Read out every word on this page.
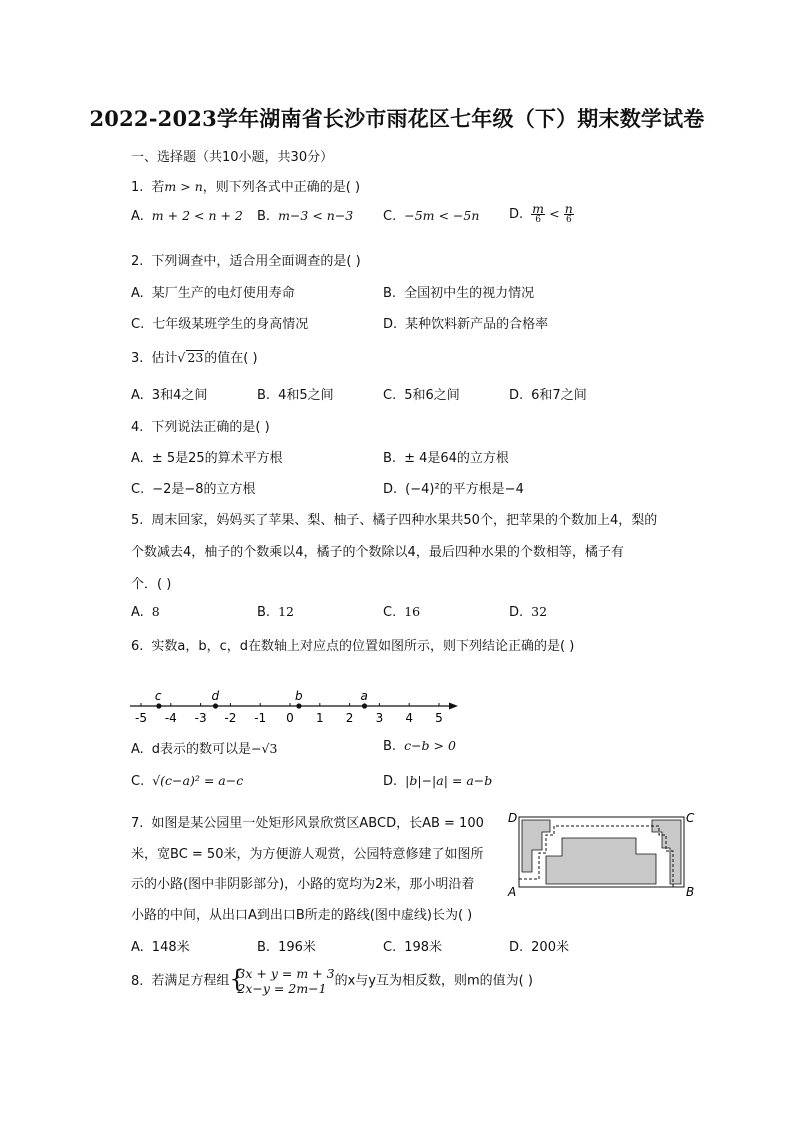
2022-2023学年湖南省长沙市雨花区七年级（下）期末数学试卷
一、选择题（共10小题，共30分）
1. 若m > n，则下列各式中正确的是( )
A. m + 2 < n + 2 B. m−3 < n−3 C. −5m < −5n D. $\frac{m}{6} < \frac{n}{6}$
2. 下列调查中，适合用全面调查的是( )
A. 某厂生产的电灯使用寿命	B. 全国初中生的视力情况
C. 七年级某班学生的身高情况	D. 某种饮料新产品的合格率
3. 估计√ 23的值在( )
A. 3和4之间	B. 4和5之间	C. 5和6之间	D. 6和7之间
4. 下列说法正确的是( )
A. ± 5是25的算术平方根	B. ± 4是64的立方根
C. −2是−8的立方根	D. (−4)²的平方根是−4
5. 周末回家，妈妈买了苹果、梨、柚子、橘子四种水果共50个，把苹果的个数加上4，梨的
个数减去4，柚子的个数乘以4，橘子的个数除以4，最后四种水果的个数相等，橘子有
个．( )
A. 8	B. 12	C. 16	D. 32
6. 实数a，b，c，d在数轴上对应点的位置如图所示，则下列结论正确的是( )
-5 -4 -3 -2 -1 0 1 2 3 4 5
c	d	b	a
A. d表示的数可以是−√3	B. c−b > 0
C. √(c−a)² = a−c	D. |b|−|a| = a−b
7. 如图是某公园里一处矩形风景欣赏区ABCD，长AB = 100
米，宽BC = 50米，为方便游人观赏，公园特意修建了如图所
示的小路(图中非阴影部分)，小路的宽均为2米，那小明沿着
小路的中间，从出口A到出口B所走的路线(图中虚线)长为( )
D	C
A	B
A. 148米	B. 196米	C. 198米	D. 200米
8. 若满足方程组 {
3x + y = m + 3
2x−y = 2m−1 的x与y互为相反数，则m的值为( )
